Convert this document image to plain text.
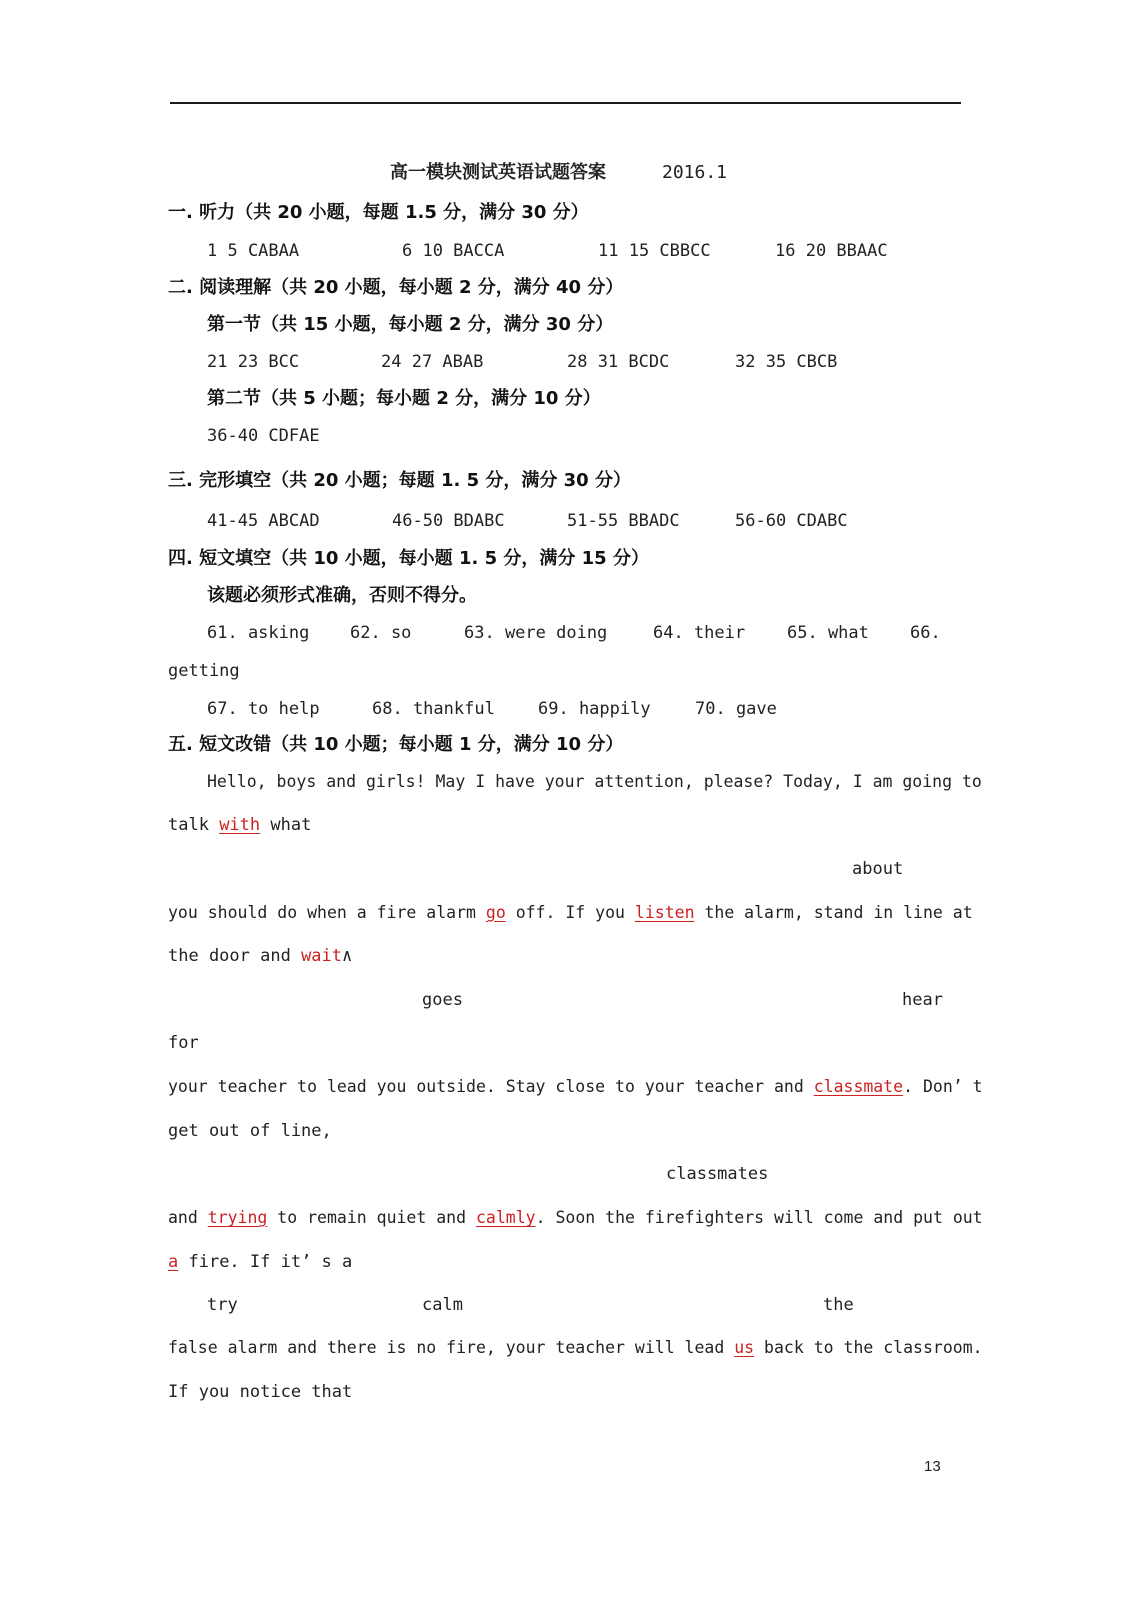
高一模块测试英语试题答案	2016.1
一. 听力（共 20 小题，每题 1.5 分，满分 30 分）
1 5 CABAA	6 10 BACCA	11 15 CBBCC	16 20 BBAAC
二. 阅读理解（共 20 小题，每小题 2 分，满分 40 分）
第一节（共 15 小题，每小题 2 分，满分 30 分）
21 23 BCC	24 27 ABAB	28 31 BCDC	32 35 CBCB
第二节（共 5 小题；每小题 2 分，满分 10 分）
36-40 CDFAE
三. 完形填空（共 20 小题；每题 1. 5 分，满分 30 分）
41-45 ABCAD	46-50 BDABC	51-55 BBADC	56-60 CDABC
四. 短文填空（共 10 小题，每小题 1. 5 分，满分 15 分）
该题必须形式准确，否则不得分。
61. asking 62. so	63. were doing	64. their 65. what 66.
getting
67. to help	68. thankful	69. happily	70. gave
五. 短文改错（共 10 小题；每小题 1 分，满分 10 分）
Hello, boys and girls! May I have your attention, please? Today, I am going to
talk with what
about
you should do when a fire alarm go off. If you listen the alarm, stand in line at
the door and wait∧
goes	hear
for
your teacher to lead you outside. Stay close to your teacher and classmate. Don’ t
get out of line,
classmates
and trying to remain quiet and calmly. Soon the firefighters will come and put out
a fire. If it’ s a
try	calm	the
false alarm and there is no fire, your teacher will lead us back to the classroom.
If you notice that
13
